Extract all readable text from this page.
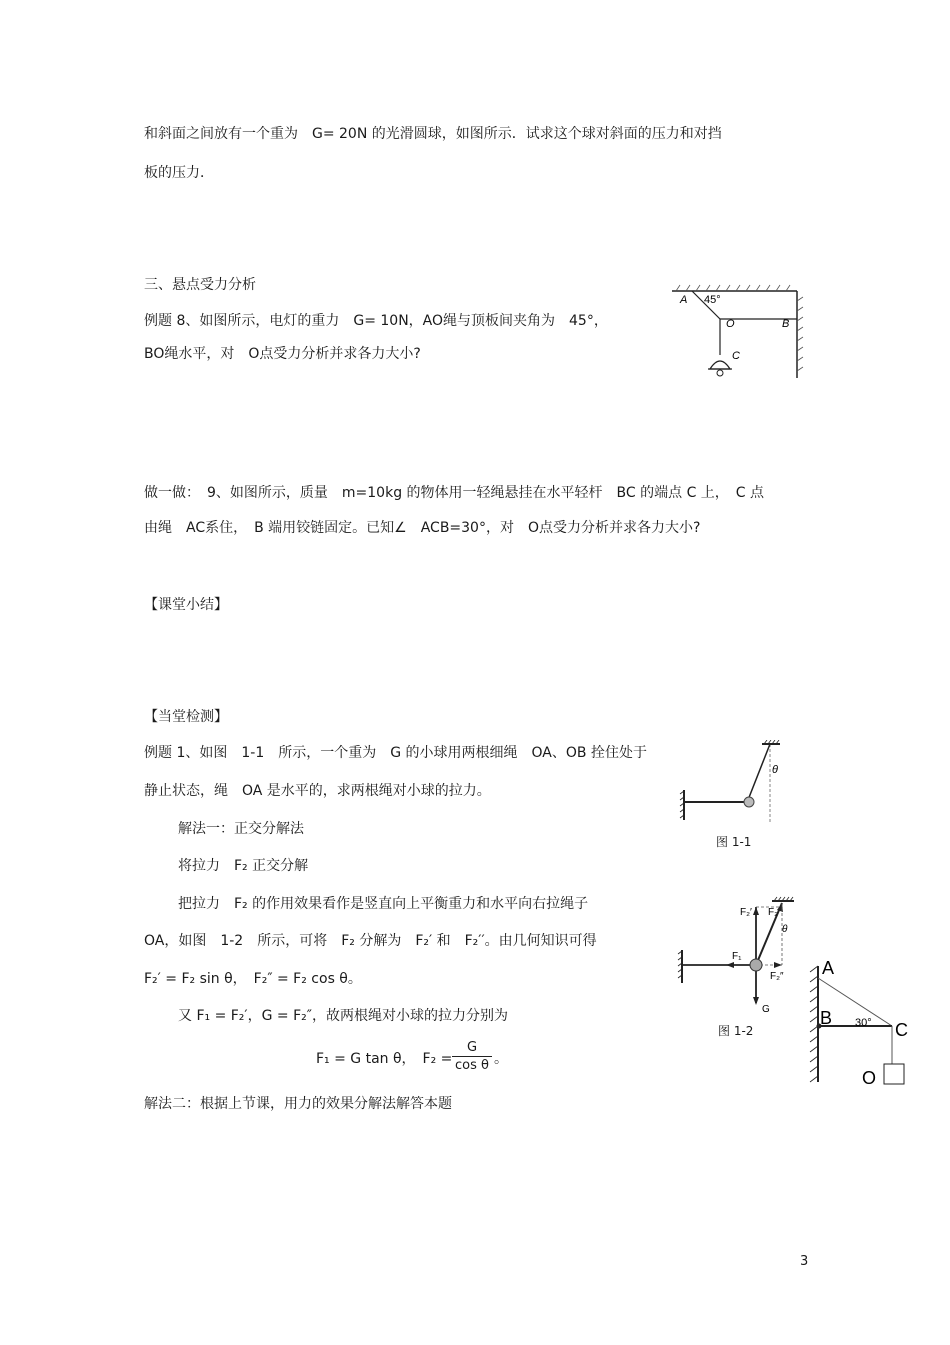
和斜面之间放有一个重为　G= 20N 的光滑圆球，如图所示．试求这个球对斜面的压力和对挡
板的压力．
三、悬点受力分析
例题 8、如图所示，电灯的重力　G= 10N，AO绳与顶板间夹角为　45°，
BO绳水平，对　O点受力分析并求各力大小?
A 45°
O	B
C
做一做：　9、如图所示，质量　m=10kg 的物体用一轻绳悬挂在水平轻杆　BC 的端点 C 上，　C 点
由绳　AC系住，　B 端用铰链固定。已知∠　ACB=30°，对　O点受力分析并求各力大小?
【课堂小结】
【当堂检测】
例题 1、如图　1-1　所示，一个重为　G 的小球用两根细绳　OA、OB 拴住处于
静止状态，绳　OA 是水平的，求两根绳对小球的拉力。
解法一：正交分解法
将拉力　F₂ 正交分解
把拉力　F₂ 的作用效果看作是竖直向上平衡重力和水平向右拉绳子
OA，如图　1-2　所示，可将　F₂ 分解为　F₂′ 和　F₂′′。由几何知识可得
F₂′ = F₂ sin θ，　F₂″ = F₂ cos θ。
又 F₁ = F₂′，G = F₂″，故两根绳对小球的拉力分别为
F₁ = G tan θ，　$F_2 = \frac{G}{\text{cos θ}}$ 。
解法二：根据上节课，用力的效果分解法解答本题
θ
图 1-1
F₂′ F₂
θ
F₁
F₂″
G
图 1-2
A
B 30° C
O
3
